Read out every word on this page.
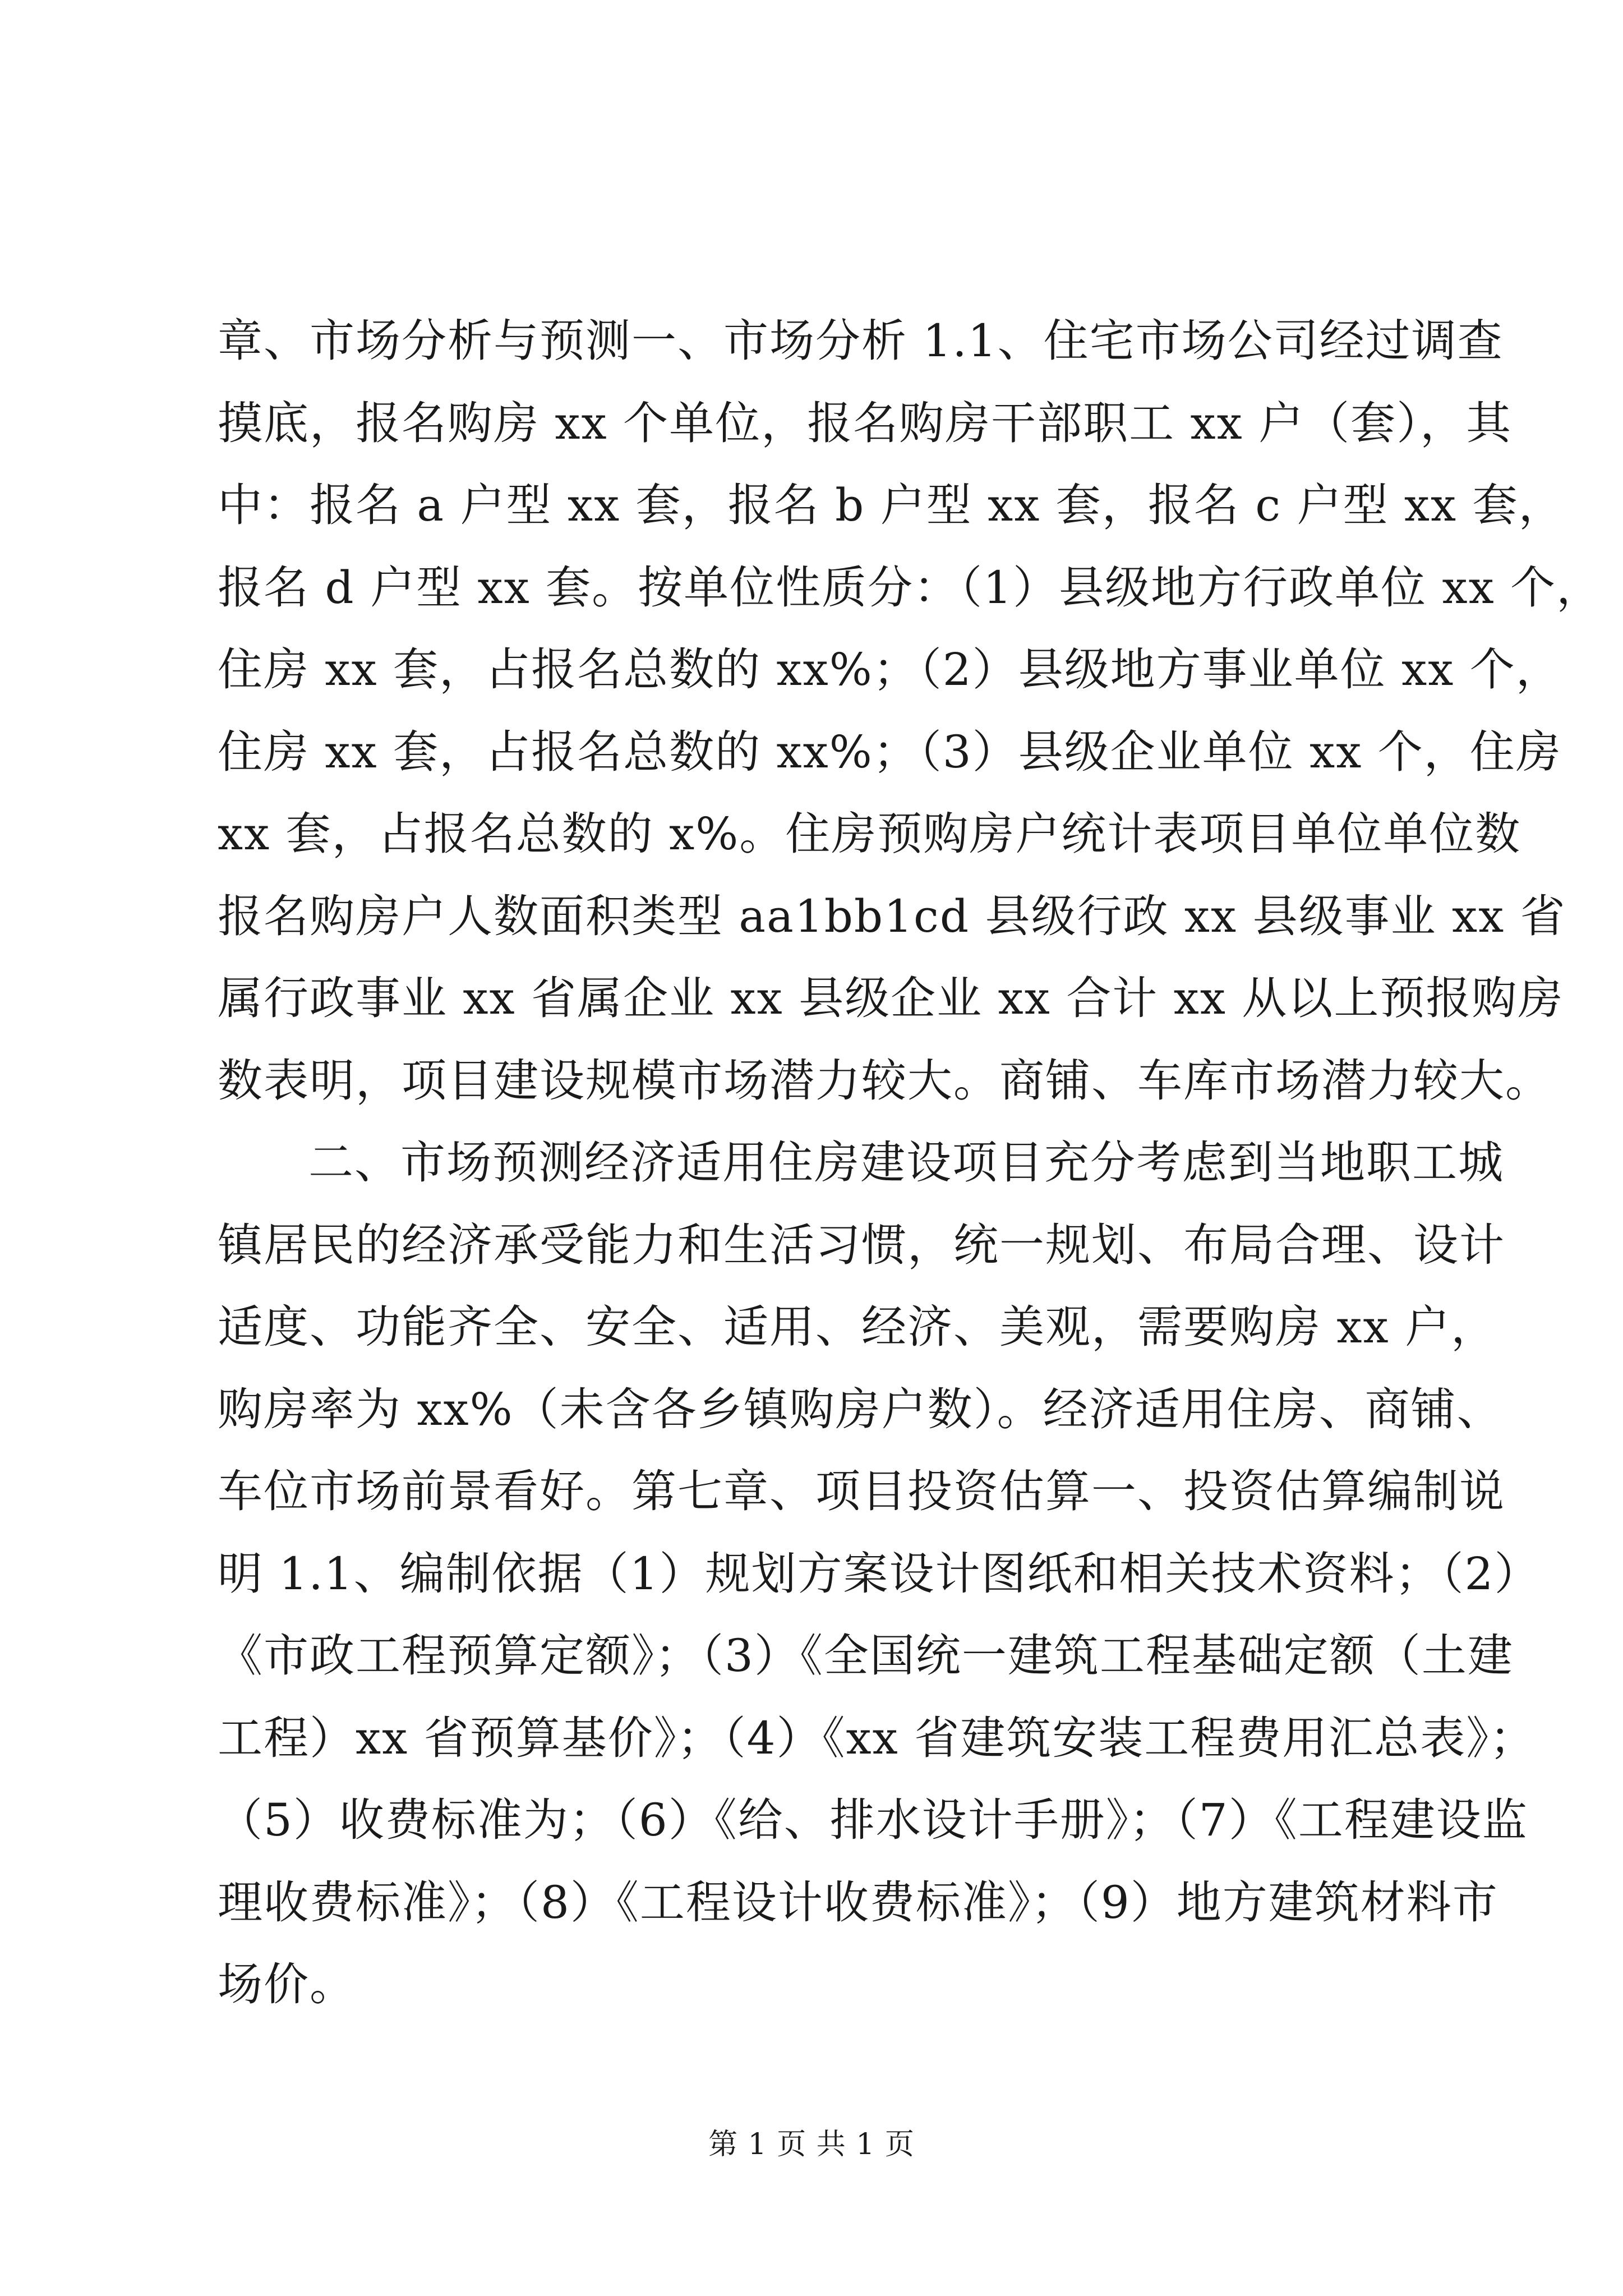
章、市场分析与预测一、市场分析 1.1、住宅市场公司经过调查
摸底，报名购房 xx 个单位，报名购房干部职工 xx 户（套），其
中：报名 a 户型 xx 套，报名 b 户型 xx 套，报名 c 户型 xx 套，
报名 d 户型 xx 套。按单位性质分：（1）县级地方行政单位 xx 个，
住房 xx 套，占报名总数的 xx%；（2）县级地方事业单位 xx 个，
住房 xx 套，占报名总数的 xx%；（3）县级企业单位 xx 个，住房
xx 套，占报名总数的 x%。住房预购房户统计表项目单位单位数
报名购房户人数面积类型 aa1bb1cd 县级行政 xx 县级事业 xx 省
属行政事业 xx 省属企业 xx 县级企业 xx 合计 xx 从以上预报购房
数表明，项目建设规模市场潜力较大。商铺、车库市场潜力较大。
二、市场预测经济适用住房建设项目充分考虑到当地职工城
镇居民的经济承受能力和生活习惯，统一规划、布局合理、设计
适度、功能齐全、安全、适用、经济、美观，需要购房 xx 户，
购房率为 xx%（未含各乡镇购房户数）。经济适用住房、商铺、
车位市场前景看好。第七章、项目投资估算一、投资估算编制说
明 1.1、编制依据（1）规划方案设计图纸和相关技术资料；（2）
《市政工程预算定额》；（3）《全国统一建筑工程基础定额（土建
工程）xx 省预算基价》；（4）《xx 省建筑安装工程费用汇总表》；
（5）收费标准为；（6）《给、排水设计手册》；（7）《工程建设监
理收费标准》；（8）《工程设计收费标准》；（9）地方建筑材料市
场价。
第 1 页 共 1 页
